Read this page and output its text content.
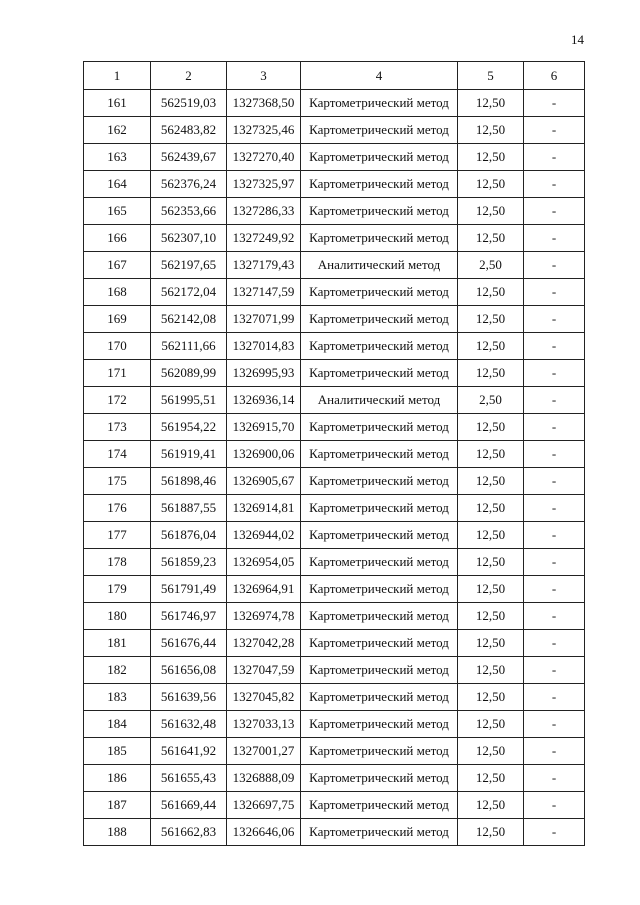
14
1	2	3	4	5	6
161	562519,03	1327368,50	Картометрический метод	12,50	-
162	562483,82	1327325,46	Картометрический метод	12,50	-
163	562439,67	1327270,40	Картометрический метод	12,50	-
164	562376,24	1327325,97	Картометрический метод	12,50	-
165	562353,66	1327286,33	Картометрический метод	12,50	-
166	562307,10	1327249,92	Картометрический метод	12,50	-
167	562197,65	1327179,43	Аналитический метод	2,50	-
168	562172,04	1327147,59	Картометрический метод	12,50	-
169	562142,08	1327071,99	Картометрический метод	12,50	-
170	562111,66	1327014,83	Картометрический метод	12,50	-
171	562089,99	1326995,93	Картометрический метод	12,50	-
172	561995,51	1326936,14	Аналитический метод	2,50	-
173	561954,22	1326915,70	Картометрический метод	12,50	-
174	561919,41	1326900,06	Картометрический метод	12,50	-
175	561898,46	1326905,67	Картометрический метод	12,50	-
176	561887,55	1326914,81	Картометрический метод	12,50	-
177	561876,04	1326944,02	Картометрический метод	12,50	-
178	561859,23	1326954,05	Картометрический метод	12,50	-
179	561791,49	1326964,91	Картометрический метод	12,50	-
180	561746,97	1326974,78	Картометрический метод	12,50	-
181	561676,44	1327042,28	Картометрический метод	12,50	-
182	561656,08	1327047,59	Картометрический метод	12,50	-
183	561639,56	1327045,82	Картометрический метод	12,50	-
184	561632,48	1327033,13	Картометрический метод	12,50	-
185	561641,92	1327001,27	Картометрический метод	12,50	-
186	561655,43	1326888,09	Картометрический метод	12,50	-
187	561669,44	1326697,75	Картометрический метод	12,50	-
188	561662,83	1326646,06	Картометрический метод	12,50	-
